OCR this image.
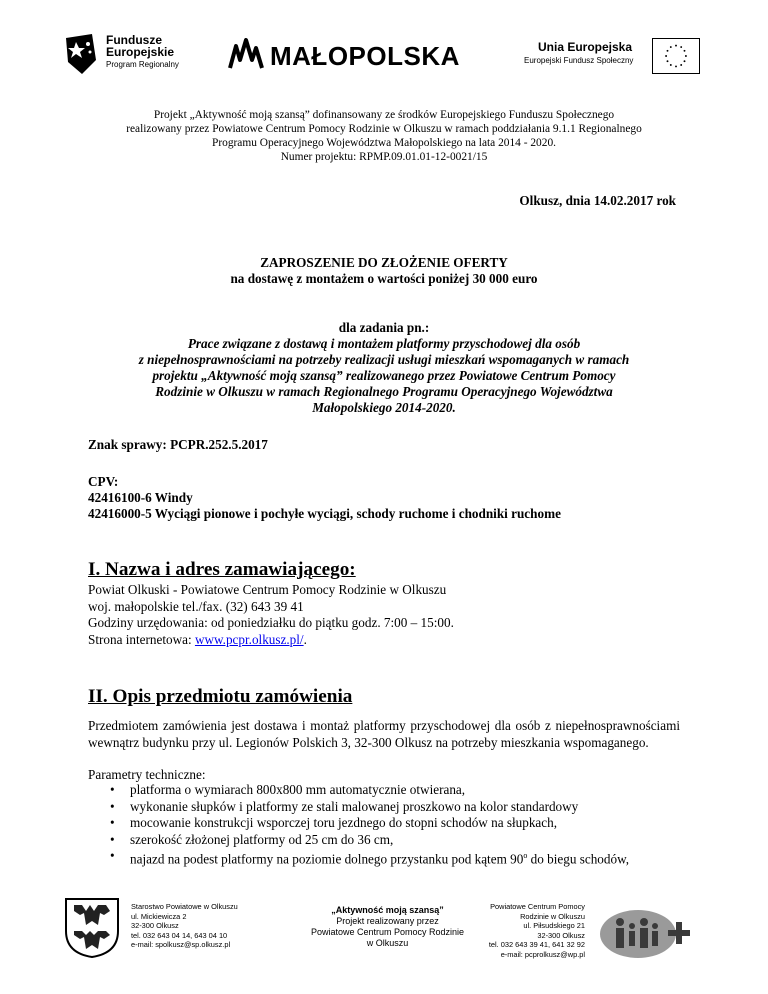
Fundusze
Europejskie
Program Regionalny	MAŁOPOLSKA	Unia Europejska
Europejski Fundusz Społeczny
Projekt „Aktywność moją szansą” dofinansowany ze środków Europejskiego Funduszu Społecznego
realizowany przez Powiatowe Centrum Pomocy Rodzinie w Olkuszu w ramach poddziałania 9.1.1 Regionalnego
Programu Operacyjnego Województwa Małopolskiego na lata 2014 - 2020.
Numer projektu: RPMP.09.01.01-12-0021/15
Olkusz, dnia 14.02.2017 rok
ZAPROSZENIE DO ZŁOŻENIE OFERTY
na dostawę z montażem o wartości poniżej 30 000 euro
dla zadania pn.:
Prace związane z dostawą i montażem platformy przyschodowej dla osób
z niepełnosprawnościami na potrzeby realizacji usługi mieszkań wspomaganych w ramach
projektu „Aktywność moją szansą” realizowanego przez Powiatowe Centrum Pomocy
Rodzinie w Olkuszu w ramach Regionalnego Programu Operacyjnego Województwa
Małopolskiego 2014-2020.
Znak sprawy: PCPR.252.5.2017
CPV:
42416100-6 Windy
42416000-5 Wyciągi pionowe i pochyłe wyciągi, schody ruchome i chodniki ruchome
I. Nazwa i adres zamawiającego:
Powiat Olkuski - Powiatowe Centrum Pomocy Rodzinie w Olkuszu
woj. małopolskie tel./fax. (32) 643 39 41
Godziny urzędowania: od poniedziałku do piątku godz. 7:00 – 15:00.
Strona internetowa: www.pcpr.olkusz.pl/.
II. Opis przedmiotu zamówienia
Przedmiotem zamówienia jest dostawa i montaż platformy przyschodowej dla osób z niepełnosprawnościami wewnątrz budynku przy ul. Legionów Polskich 3, 32-300 Olkusz na potrzeby mieszkania wspomaganego.
Parametry techniczne:
• platforma o wymiarach 800x800 mm automatycznie otwierana,
• wykonanie słupków i platformy ze stali malowanej proszkowo na kolor standardowy
• mocowanie konstrukcji wsporczej toru jezdnego do stopni schodów na słupkach,
• szerokość złożonej platformy od 25 cm do 36 cm,
• najazd na podest platformy na poziomie dolnego przystanku pod kątem 90$^o$ do biegu schodów,
Starostwo Powiatowe w Olkuszu
ul. Mickiewicza 2
32-300 Olkusz
tel. 032 643 04 14, 643 04 10
e-mail: spolkusz@sp.olkusz.pl
„Aktywność moją szansą”
Projekt realizowany przez
Powiatowe Centrum Pomocy Rodzinie
w Olkuszu
Powiatowe Centrum Pomocy
Rodzinie w Olkuszu
ul. Piłsudskiego 21
32-300 Olkusz
tel. 032 643 39 41, 641 32 92
e-mail: pcprolkusz@wp.pl
